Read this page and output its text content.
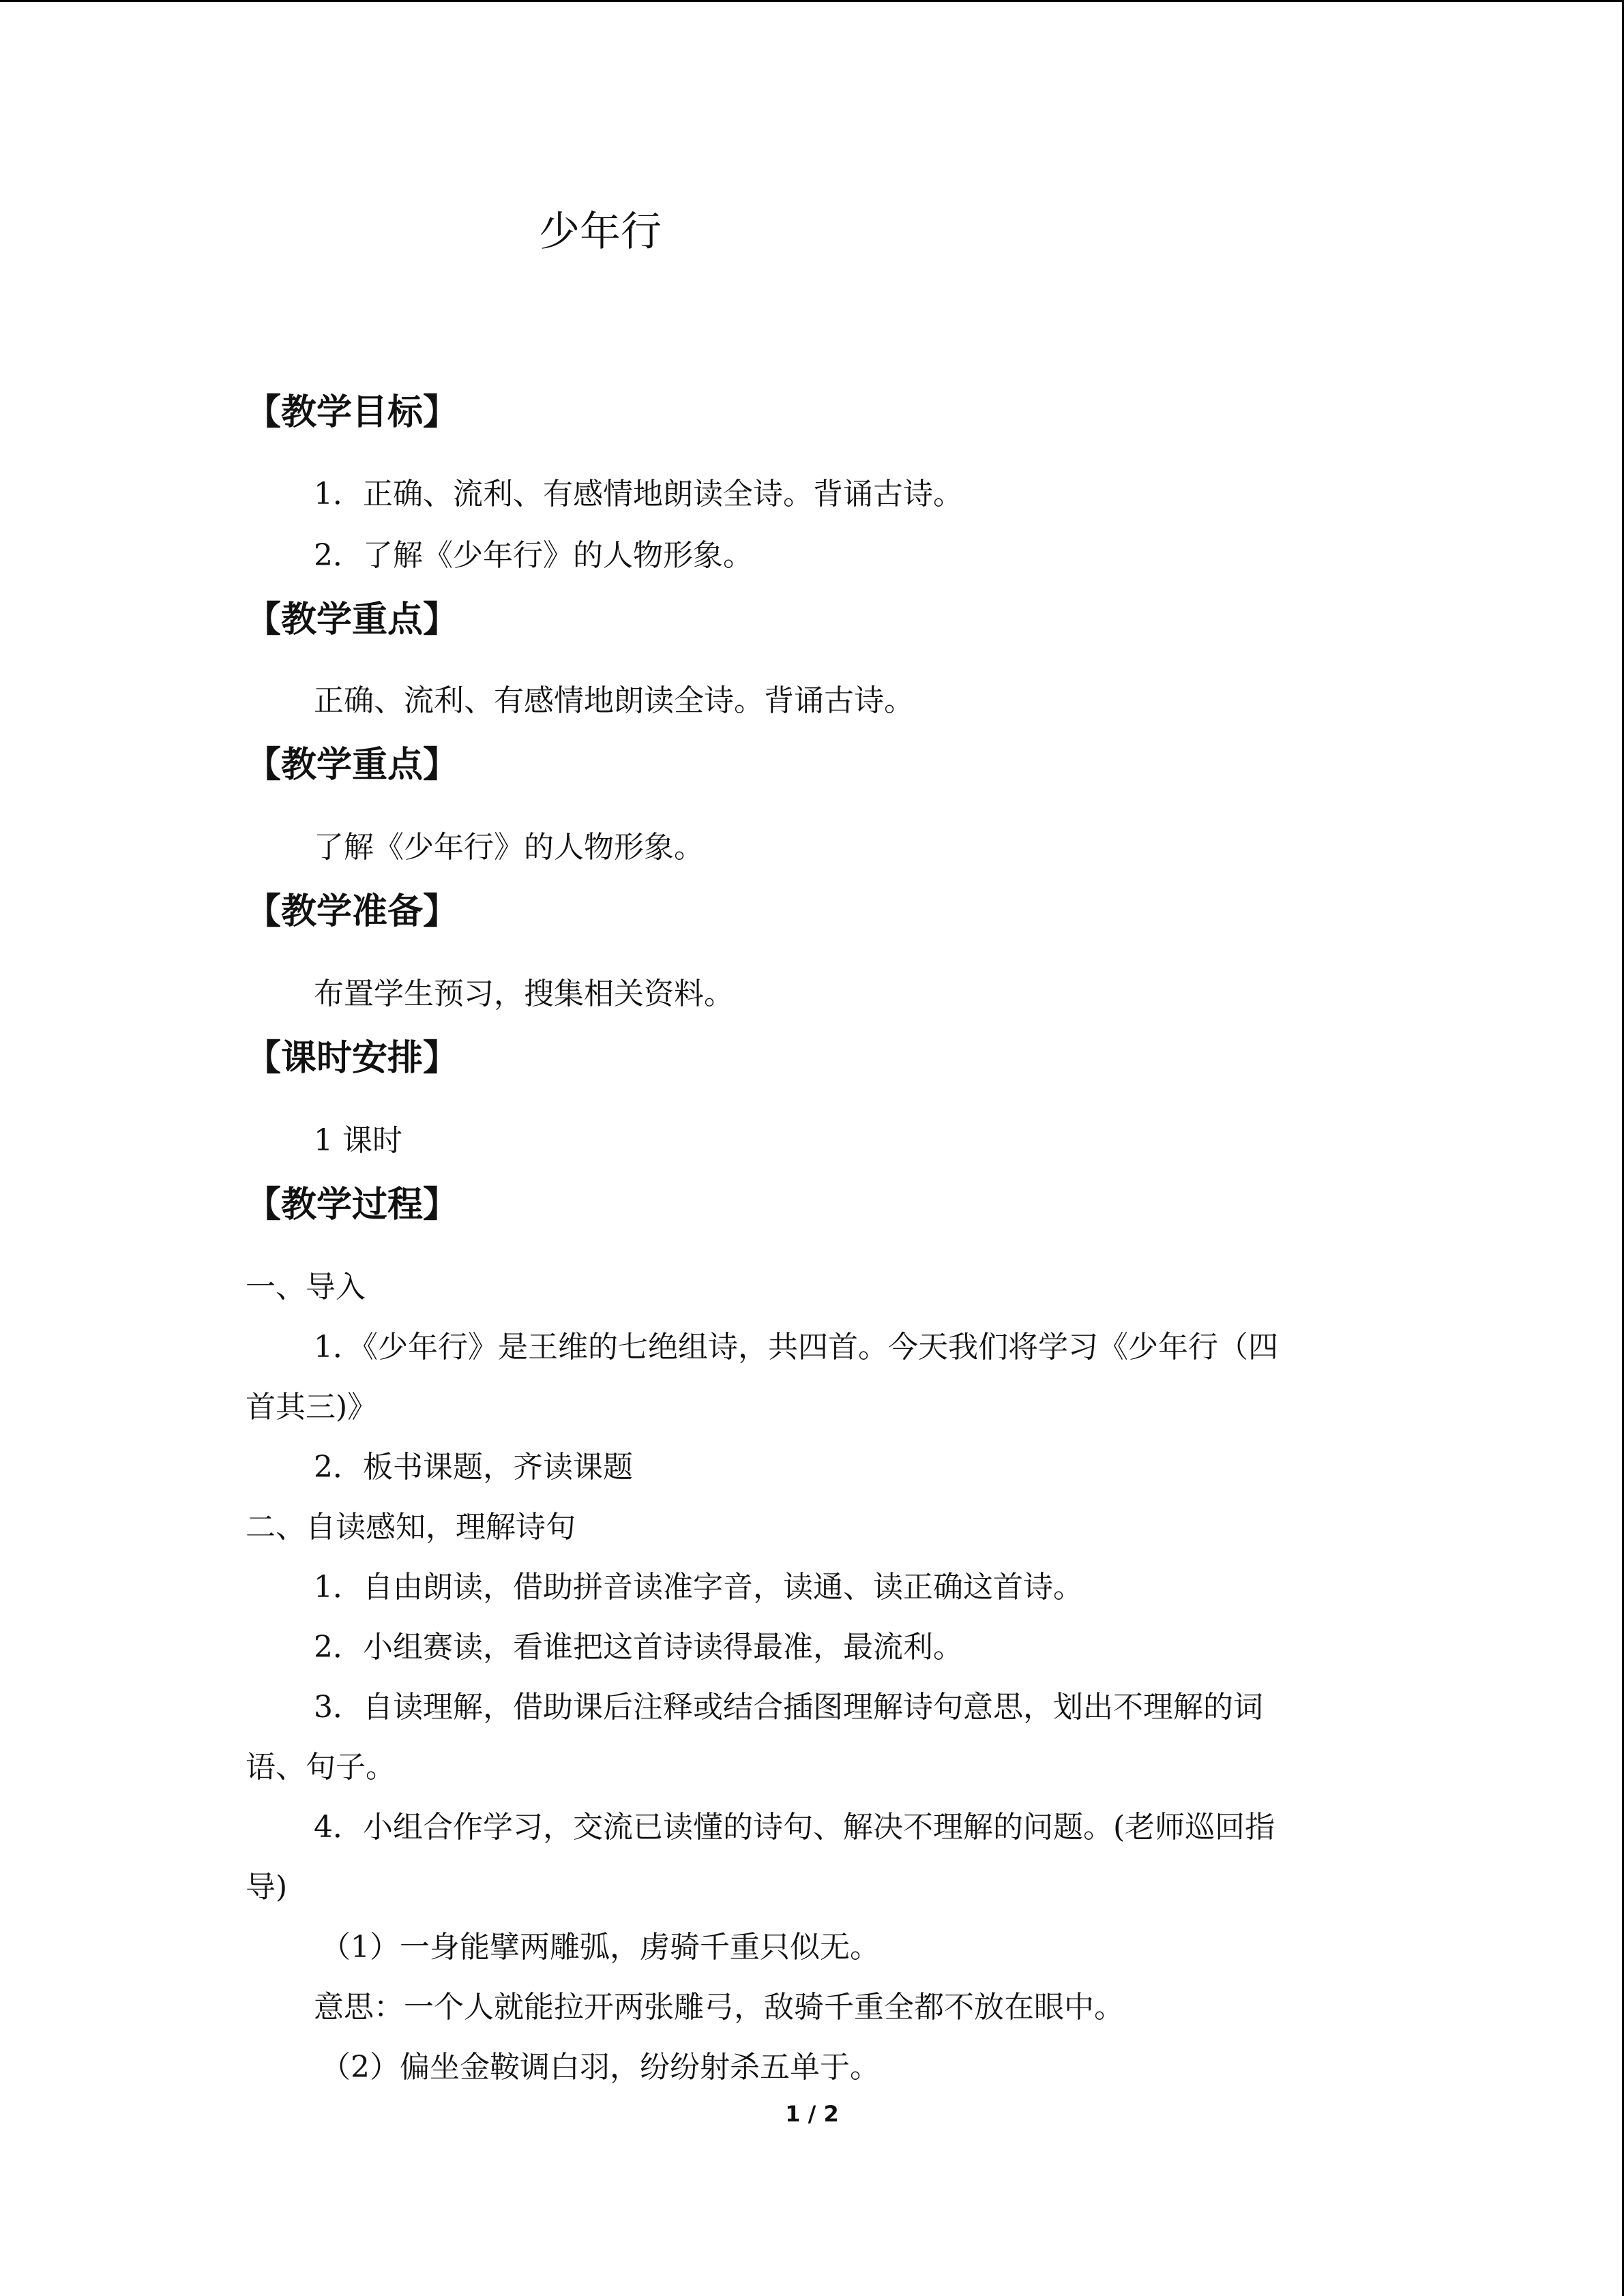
少年行
【教学目标】
1．正确、流利、有感情地朗读全诗。背诵古诗。
2．了解《少年行》的人物形象。
【教学重点】
正确、流利、有感情地朗读全诗。背诵古诗。
【教学重点】
了解《少年行》的人物形象。
【教学准备】
布置学生预习，搜集相关资料。
【课时安排】
1 课时
【教学过程】
一、导入
1．《少年行》是王维的七绝组诗，共四首。今天我们将学习《少年行（四
首其三)》
2．板书课题，齐读课题
二、自读感知，理解诗句
1．自由朗读，借助拼音读准字音，读通、读正确这首诗。
2．小组赛读，看谁把这首诗读得最准，最流利。
3．自读理解，借助课后注释或结合插图理解诗句意思，划出不理解的词
语、句子。
4．小组合作学习，交流已读懂的诗句、解决不理解的问题。(老师巡回指
导)
（1）一身能擘两雕弧，虏骑千重只似无。
意思：一个人就能拉开两张雕弓，敌骑千重全都不放在眼中。
（2）偏坐金鞍调白羽，纷纷射杀五单于。
1 / 2
